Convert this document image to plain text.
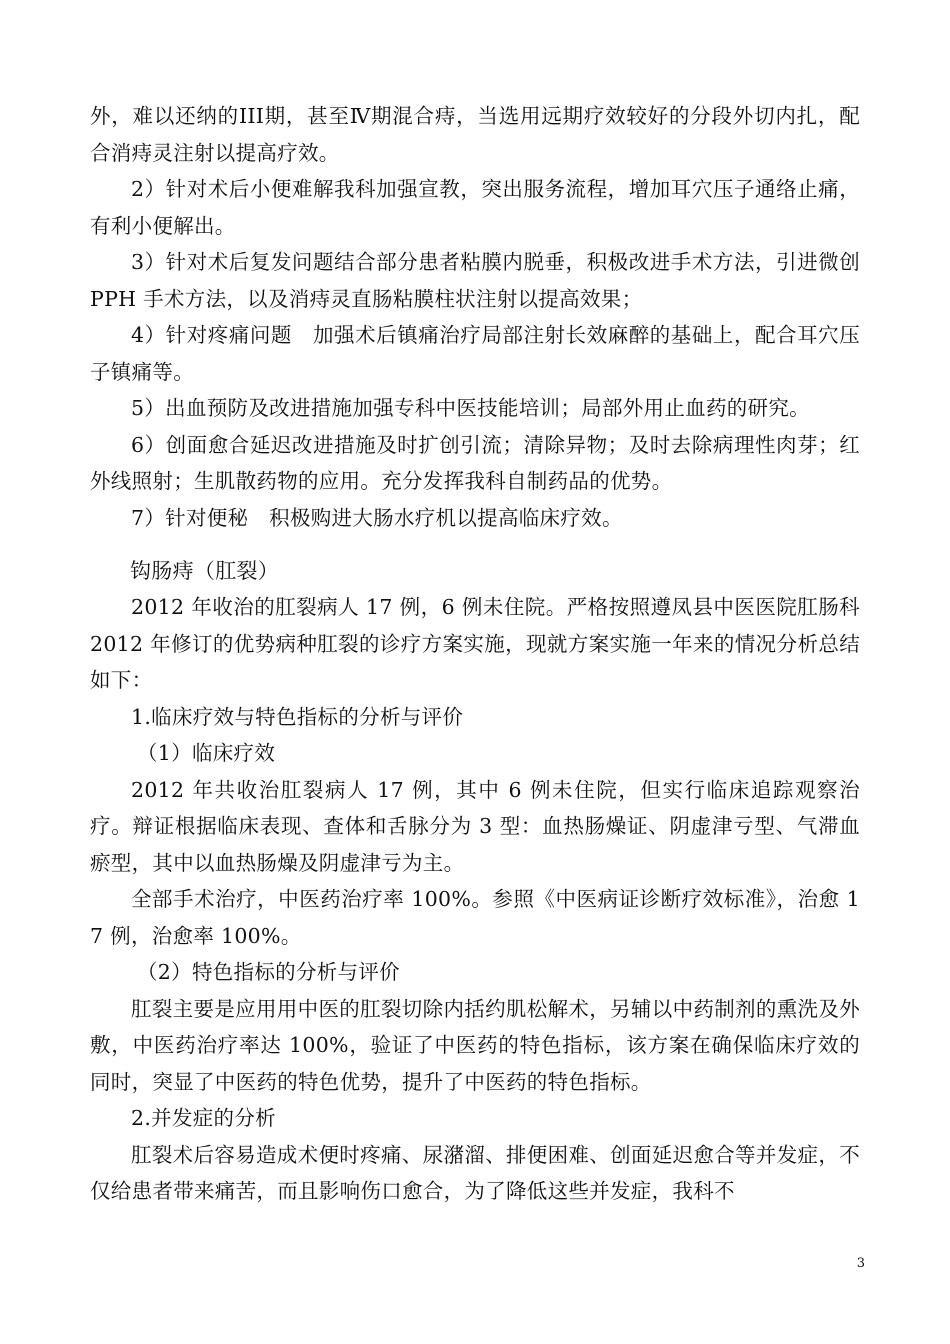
外，难以还纳的III期，甚至Ⅳ期混合痔，当选用远期疗效较好的分段外切内扎，配合消痔灵注射以提高疗效。

2）针对术后小便难解我科加强宣教，突出服务流程，增加耳穴压子通络止痛，有利小便解出。

3）针对术后复发问题结合部分患者粘膜内脱垂，积极改进手术方法，引进微创 PPH 手术方法，以及消痔灵直肠粘膜柱状注射以提高效果；

4）针对疼痛问题　加强术后镇痛治疗局部注射长效麻醉的基础上，配合耳穴压子镇痛等。

5）出血预防及改进措施加强专科中医技能培训；局部外用止血药的研究。

6）创面愈合延迟改进措施及时扩创引流；清除异物；及时去除病理性肉芽；红外线照射；生肌散药物的应用。充分发挥我科自制药品的优势。

7）针对便秘　积极购进大肠水疗机以提高临床疗效。

钩肠痔（肛裂）

2012 年收治的肛裂病人 17 例，6 例未住院。严格按照遵凤县中医医院肛肠科 2012 年修订的优势病种肛裂的诊疗方案实施，现就方案实施一年来的情况分析总结如下：

1.临床疗效与特色指标的分析与评价

（1）临床疗效

2012 年共收治肛裂病人 17 例，其中 6 例未住院，但实行临床追踪观察治疗。辩证根据临床表现、查体和舌脉分为 3 型：血热肠燥证、阴虚津亏型、气滞血瘀型，其中以血热肠燥及阴虚津亏为主。

全部手术治疗，中医药治疗率 100%。参照《中医病证诊断疗效标准》，治愈 17 例，治愈率 100%。

（2）特色指标的分析与评价

肛裂主要是应用用中医的肛裂切除内括约肌松解术，另辅以中药制剂的熏洗及外敷，中医药治疗率达 100%，验证了中医药的特色指标，该方案在确保临床疗效的同时，突显了中医药的特色优势，提升了中医药的特色指标。

2.并发症的分析

肛裂术后容易造成术便时疼痛、尿潴溜、排便困难、创面延迟愈合等并发症，不仅给患者带来痛苦，而且影响伤口愈合，为了降低这些并发症，我科不

3
